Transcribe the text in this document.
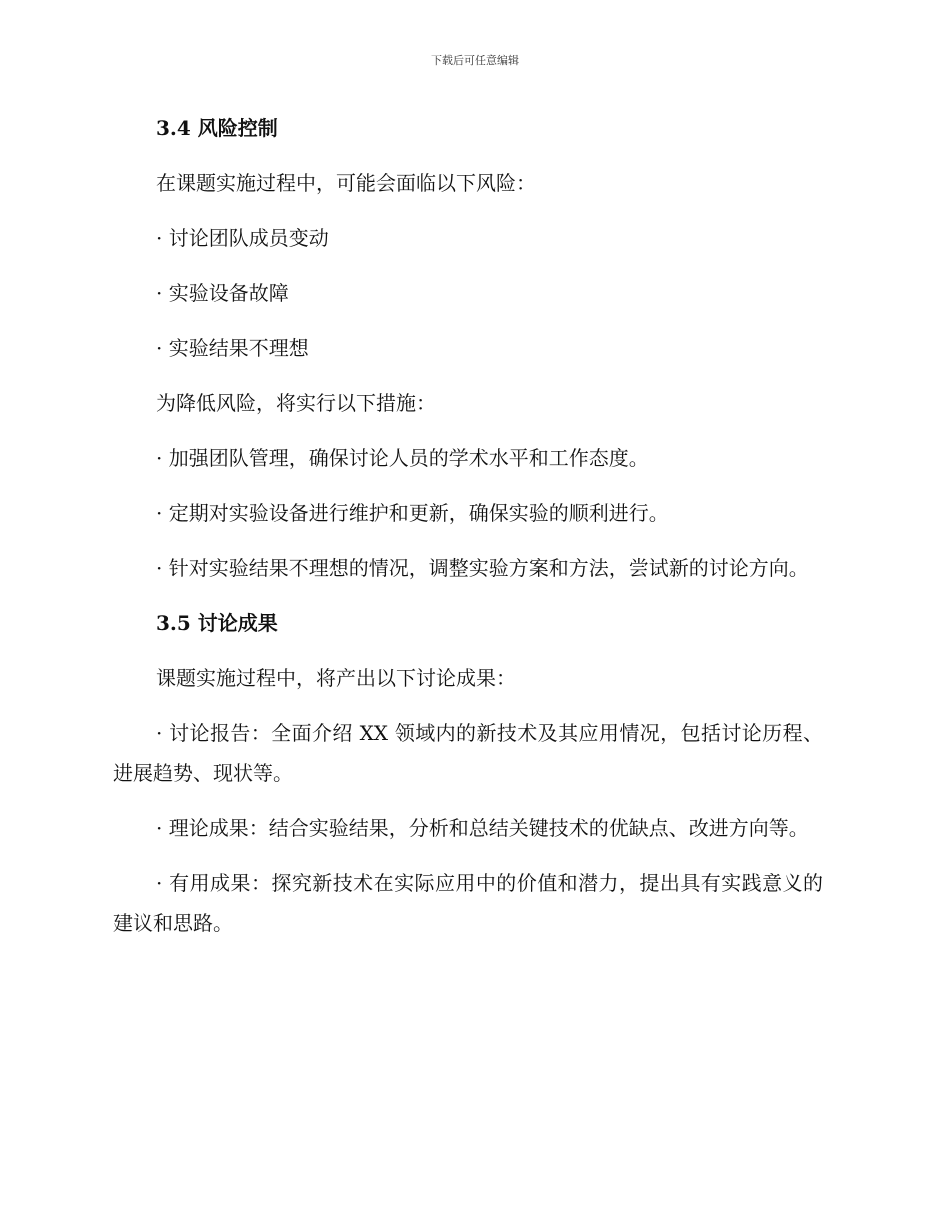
下载后可任意编辑
3.4 风险控制

在课题实施过程中，可能会面临以下风险：

· 讨论团队成员变动

· 实验设备故障

· 实验结果不理想

为降低风险，将实行以下措施：

· 加强团队管理，确保讨论人员的学术水平和工作态度。

· 定期对实验设备进行维护和更新，确保实验的顺利进行。

· 针对实验结果不理想的情况，调整实验方案和方法，尝试新的讨论方向。

3.5 讨论成果

课题实施过程中，将产出以下讨论成果：

· 讨论报告：全面介绍 XX 领域内的新技术及其应用情况，包括讨论历程、进展趋势、现状等。

· 理论成果：结合实验结果，分析和总结关键技术的优缺点、改进方向等。

· 有用成果：探究新技术在实际应用中的价值和潜力，提出具有实践意义的建议和思路。
